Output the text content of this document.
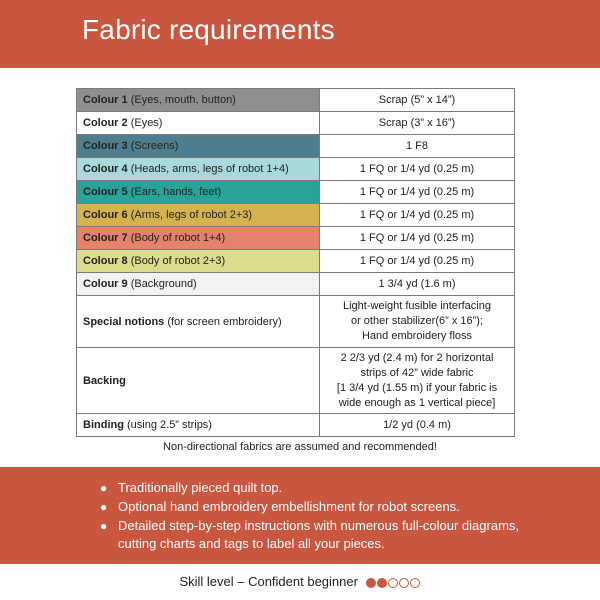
Fabric requirements
Colour 1 (Eyes, mouth, button)	Scrap (5” x 14”)
Colour 2 (Eyes)	Scrap (3” x 16”)
Colour 3 (Screens)	1 F8
Colour 4 (Heads, arms, legs of robot 1+4)	1 FQ or 1/4 yd (0.25 m)
Colour 5 (Ears, hands, feet)	1 FQ or 1/4 yd (0.25 m)
Colour 6 (Arms, legs of robot 2+3)	1 FQ or 1/4 yd (0.25 m)
Colour 7 (Body of robot 1+4)	1 FQ or 1/4 yd (0.25 m)
Colour 8 (Body of robot 2+3)	1 FQ or 1/4 yd (0.25 m)
Colour 9 (Background)	1 3/4 yd (1.6 m)
Special notions (for screen embroidery)	Light-weight fusible interfacing
or other stabilizer(6” x 16”);
Hand embroidery floss

Backing	2 2/3 yd (2.4 m) for 2 horizontal
strips of 42” wide fabric
[1 3/4 yd (1.55 m) if your fabric is
wide enough as 1 vertical piece]

Binding (using 2.5” strips)	1/2 yd (0.4 m)
Non-directional fabrics are assumed and recommended!
● Traditionally pieced quilt top.
● Optional hand embroidery embellishment for robot screens.
● Detailed step-by-step instructions with numerous full-colour diagrams, cutting charts and tags to label all your pieces.
Skill level – Confident beginner
